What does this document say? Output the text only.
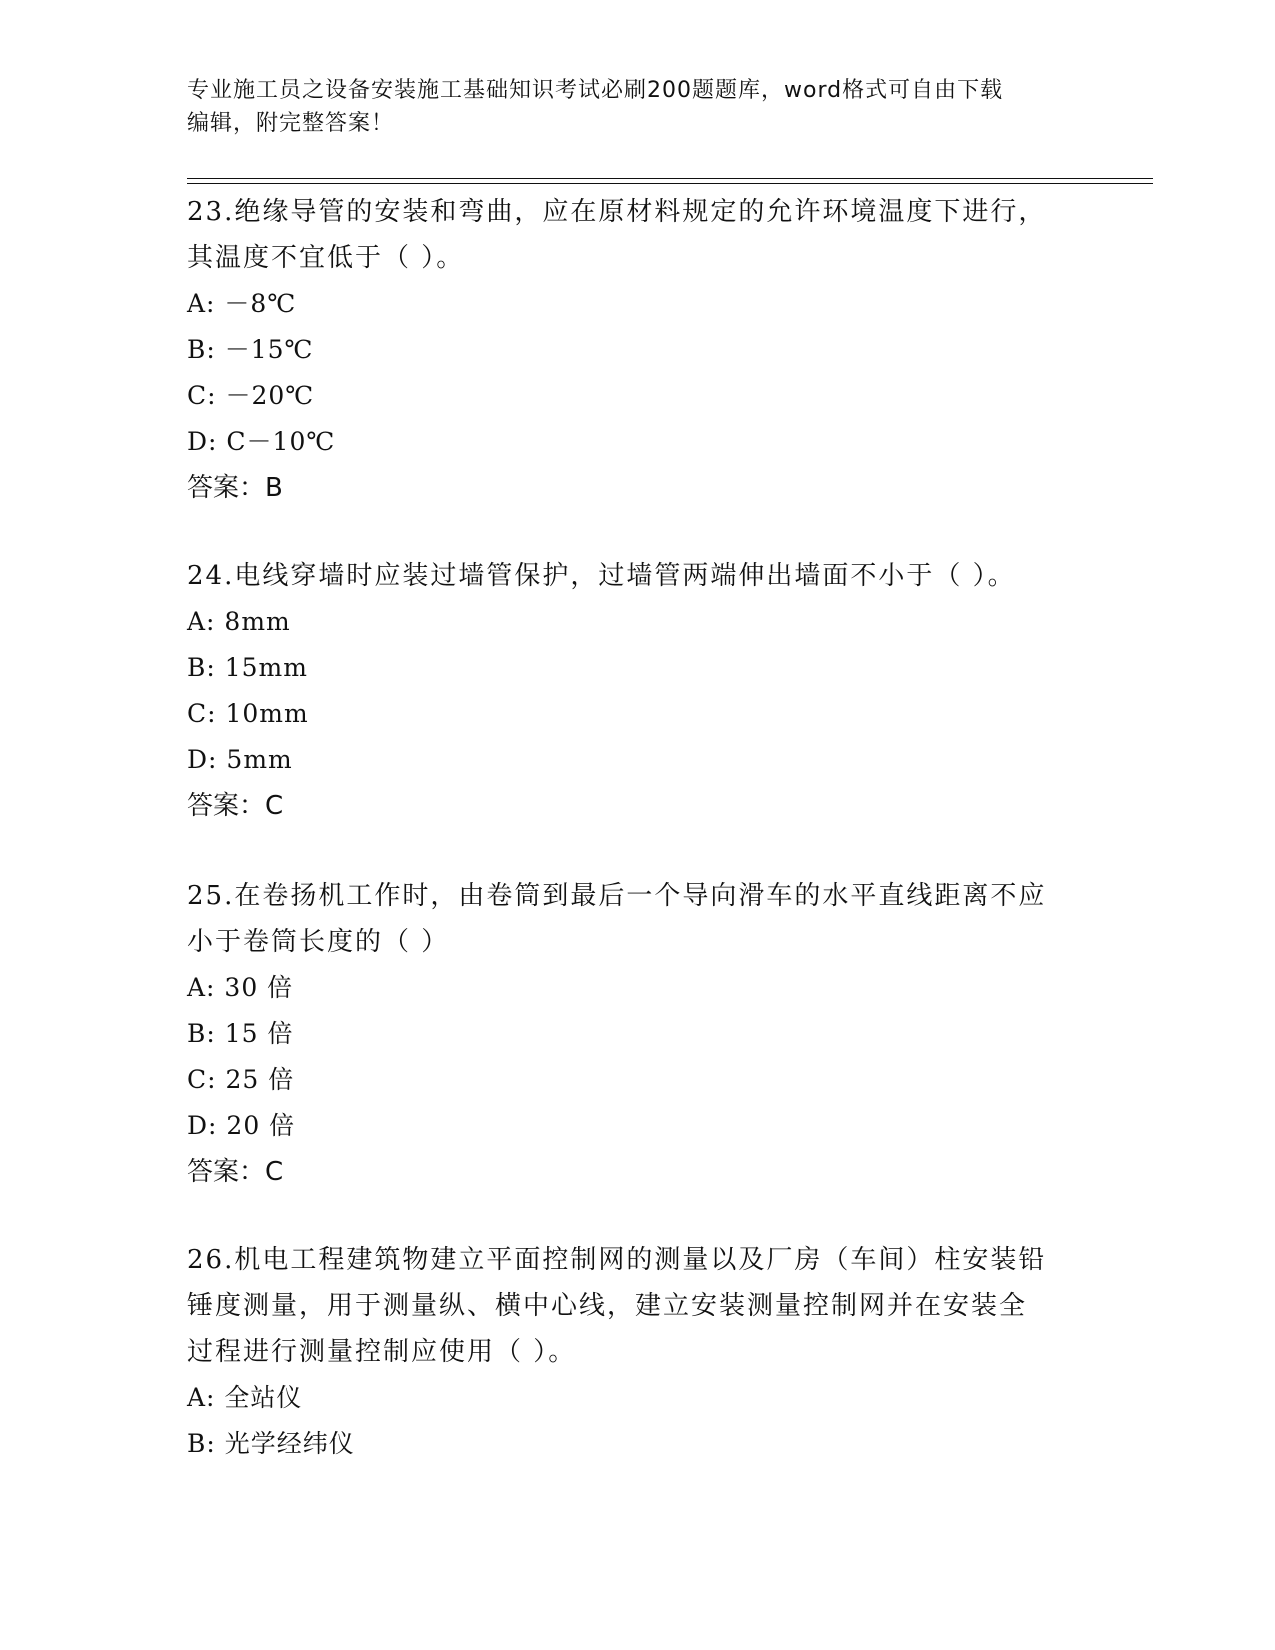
专业施工员之设备安装施工基础知识考试必刷200题题库，word格式可自由下载
编辑，附完整答案！

23.绝缘导管的安装和弯曲，应在原材料规定的允许环境温度下进行，

其温度不宜低于（ ）。

A: －8℃

B: －15℃

C: －20℃

D: C－10℃

答案：B

24.电线穿墙时应装过墙管保护，过墙管两端伸出墙面不小于（ ）。

A: 8mm

B: 15mm

C: 10mm

D: 5mm

答案：C

25.在卷扬机工作时，由卷筒到最后一个导向滑车的水平直线距离不应

小于卷筒长度的（ ）

A: 30 倍

B: 15 倍

C: 25 倍

D: 20 倍

答案：C

26.机电工程建筑物建立平面控制网的测量以及厂房（车间）柱安装铅

锤度测量，用于测量纵、横中心线，建立安装测量控制网并在安装全

过程进行测量控制应使用（ ）。

A: 全站仪

B: 光学经纬仪
